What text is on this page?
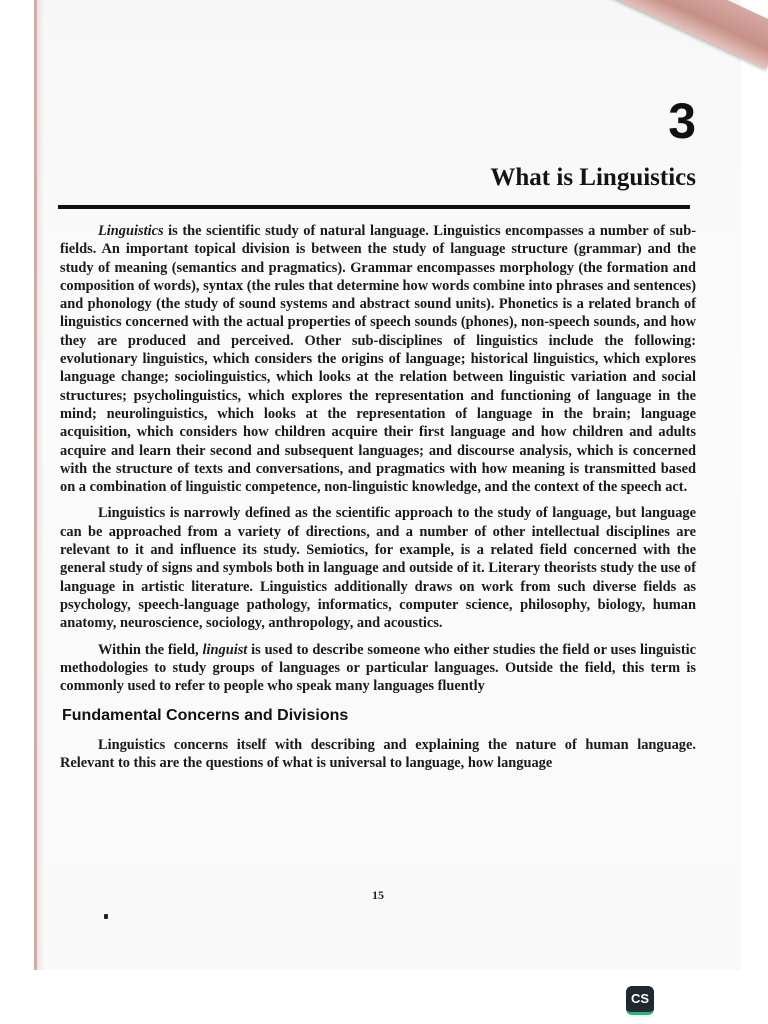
3
What is Linguistics

Linguistics is the scientific study of natural language. Linguistics encompasses a number of sub-fields. An important topical division is between the study of language structure (grammar) and the study of meaning (semantics and pragmatics). Grammar encompasses morphology (the formation and composition of words), syntax (the rules that determine how words combine into phrases and sentences) and phonology (the study of sound systems and abstract sound units). Phonetics is a related branch of linguistics concerned with the actual properties of speech sounds (phones), non-speech sounds, and how they are produced and perceived. Other sub-disciplines of linguistics include the following: evolutionary linguistics, which considers the origins of language; historical linguistics, which explores language change; sociolinguistics, which looks at the relation between linguistic variation and social structures; psycholinguistics, which explores the representation and functioning of language in the mind; neurolinguistics, which looks at the representation of language in the brain; language acquisition, which considers how children acquire their first language and how children and adults acquire and learn their second and subsequent languages; and discourse analysis, which is concerned with the structure of texts and conversations, and pragmatics with how meaning is transmitted based on a combination of linguistic competence, non-linguistic knowledge, and the context of the speech act.

Linguistics is narrowly defined as the scientific approach to the study of language, but language can be approached from a variety of directions, and a number of other intellectual disciplines are relevant to it and influence its study. Semiotics, for example, is a related field concerned with the general study of signs and symbols both in language and outside of it. Literary theorists study the use of language in artistic literature. Linguistics additionally draws on work from such diverse fields as psychology, speech-language pathology, informatics, computer science, philosophy, biology, human anatomy, neuroscience, sociology, anthropology, and acoustics.

Within the field, linguist is used to describe someone who either studies the field or uses linguistic methodologies to study groups of languages or particular languages. Outside the field, this term is commonly used to refer to people who speak many languages fluently

Fundamental Concerns and Divisions

Linguistics concerns itself with describing and explaining the nature of human language. Relevant to this are the questions of what is universal to language, how language

15
CS
